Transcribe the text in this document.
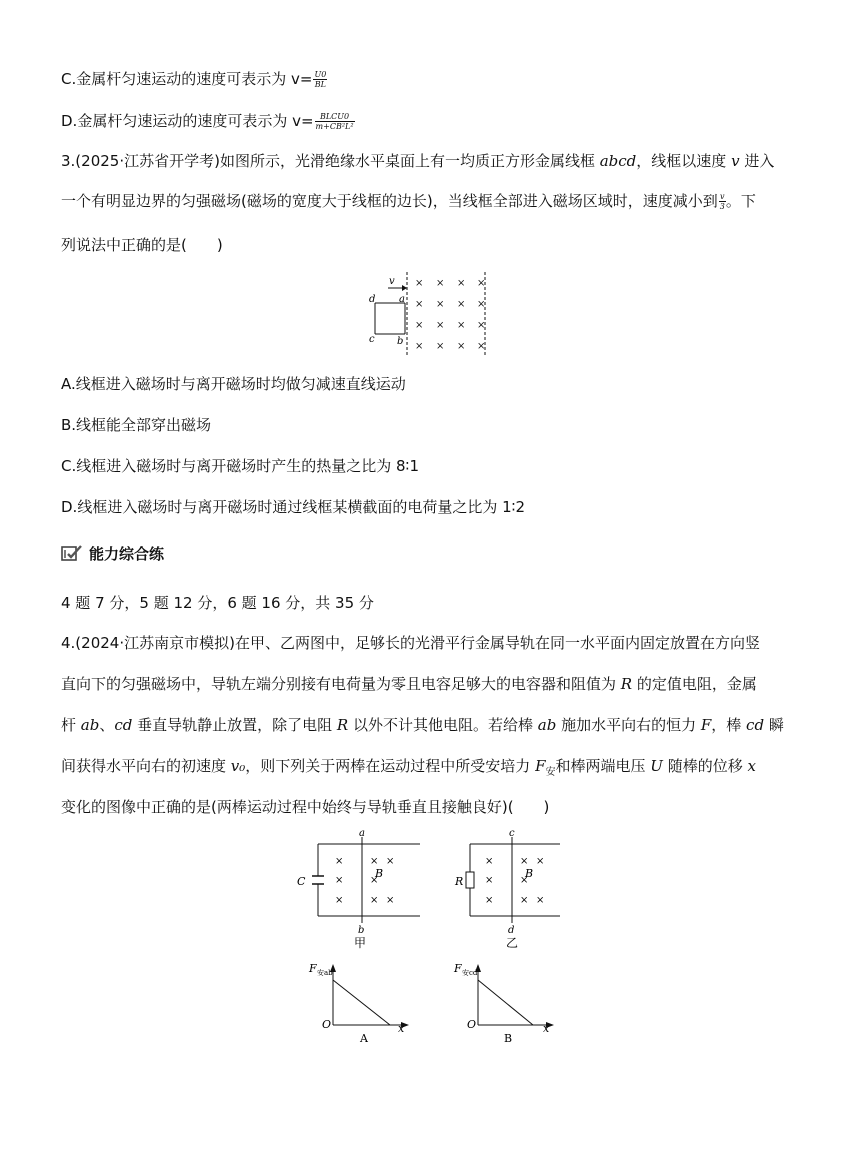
C.金属杆匀速运动的速度可表示为 $v= \frac{U0}{BL}$
D.金属杆匀速运动的速度可表示为 $v= \frac{\text{BLCU0}}{\text{m+CB²L²}}$
3.(2025·江苏省开学考)如图所示，光滑绝缘水平桌面上有一均质正方形金属线框 abcd，线框以速度 v 进入
一个有明显边界的匀强磁场(磁场的宽度大于线框的边长)，当线框全部进入磁场区域时，速度减小到 $\frac{v}{3}$ 。下
列说法中正确的是(　　)
v
d a
c b
× × × ×
× × × ×
× × × ×
× × × ×
A.线框进入磁场时与离开磁场时均做匀减速直线运动
B.线框能全部穿出磁场
C.线框进入磁场时与离开磁场时产生的热量之比为 8∶1
D.线框进入磁场时与离开磁场时通过线框某横截面的电荷量之比为 1∶2
能力综合练
4 题 7 分，5 题 12 分，6 题 16 分，共 35 分
4.(2024·江苏南京市模拟)在甲、乙两图中，足够长的光滑平行金属导轨在同一水平面内固定放置在方向竖
直向下的匀强磁场中，导轨左端分别接有电荷量为零且电容足够大的电容器和阻值为 R 的定值电阻，金属
杆 ab、cd 垂直导轨静止放置，除了电阻 R 以外不计其他电阻。若给棒 ab 施加水平向右的恒力 F，棒 cd 瞬
间获得水平向右的初速度 v₀，则下列关于两棒在运动过程中所受安培力 $F_安$和棒两端电压 U 随棒的位移 x
变化的图像中正确的是(两棒运动过程中始终与导轨垂直且接触良好)(　　)
C
a
b
B
甲
×	× ×
×	×
×	× ×
R
c
d
B
乙
×	× ×
×	×
×	× ×
F 安ab
O	x
A
F 安cd
O	x
B
